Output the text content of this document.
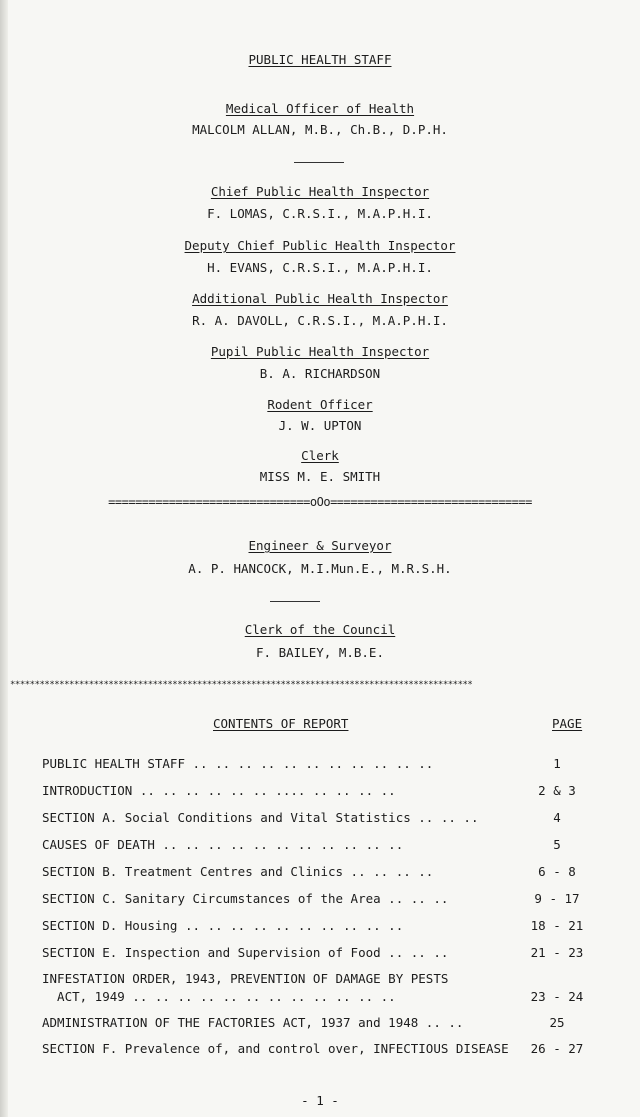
PUBLIC HEALTH STAFF
Medical Officer of Health
MALCOLM ALLAN, M.B., Ch.B., D.P.H.
Chief Public Health Inspector
F. LOMAS, C.R.S.I., M.A.P.H.I.
Deputy Chief Public Health Inspector
H. EVANS, C.R.S.I., M.A.P.H.I.
Additional Public Health Inspector
R. A. DAVOLL, C.R.S.I., M.A.P.H.I.
Pupil Public Health Inspector
B. A. RICHARDSON
Rodent Officer
J. W. UPTON
Clerk
MISS M. E. SMITH
==============================oOo==============================
Engineer & Surveyor
A. P. HANCOCK, M.I.Mun.E., M.R.S.H.
Clerk of the Council
F. BAILEY, M.B.E.
**********************************************************************************************
CONTENTS OF REPORT	PAGE
PUBLIC HEALTH STAFF .. .. .. .. .. .. .. .. .. .. ..	1
INTRODUCTION .. .. .. .. .. .. .... .. .. .. ..	2 & 3
SECTION A. Social Conditions and Vital Statistics .. .. ..	4
CAUSES OF DEATH .. .. .. .. .. .. .. .. .. .. ..	5
SECTION B. Treatment Centres and Clinics .. .. .. ..	6 - 8
SECTION C. Sanitary Circumstances of the Area .. .. ..	9 - 17
SECTION D. Housing .. .. .. .. .. .. .. .. .. ..	18 - 21
SECTION E. Inspection and Supervision of Food .. .. ..	21 - 23
INFESTATION ORDER, 1943, PREVENTION OF DAMAGE BY PESTS
ACT, 1949 .. .. .. .. .. .. .. .. .. .. .. ..	23 - 24
ADMINISTRATION OF THE FACTORIES ACT, 1937 and 1948 .. ..	25
SECTION F. Prevalence of, and control over, INFECTIOUS DISEASE	26 - 27
- 1 -
